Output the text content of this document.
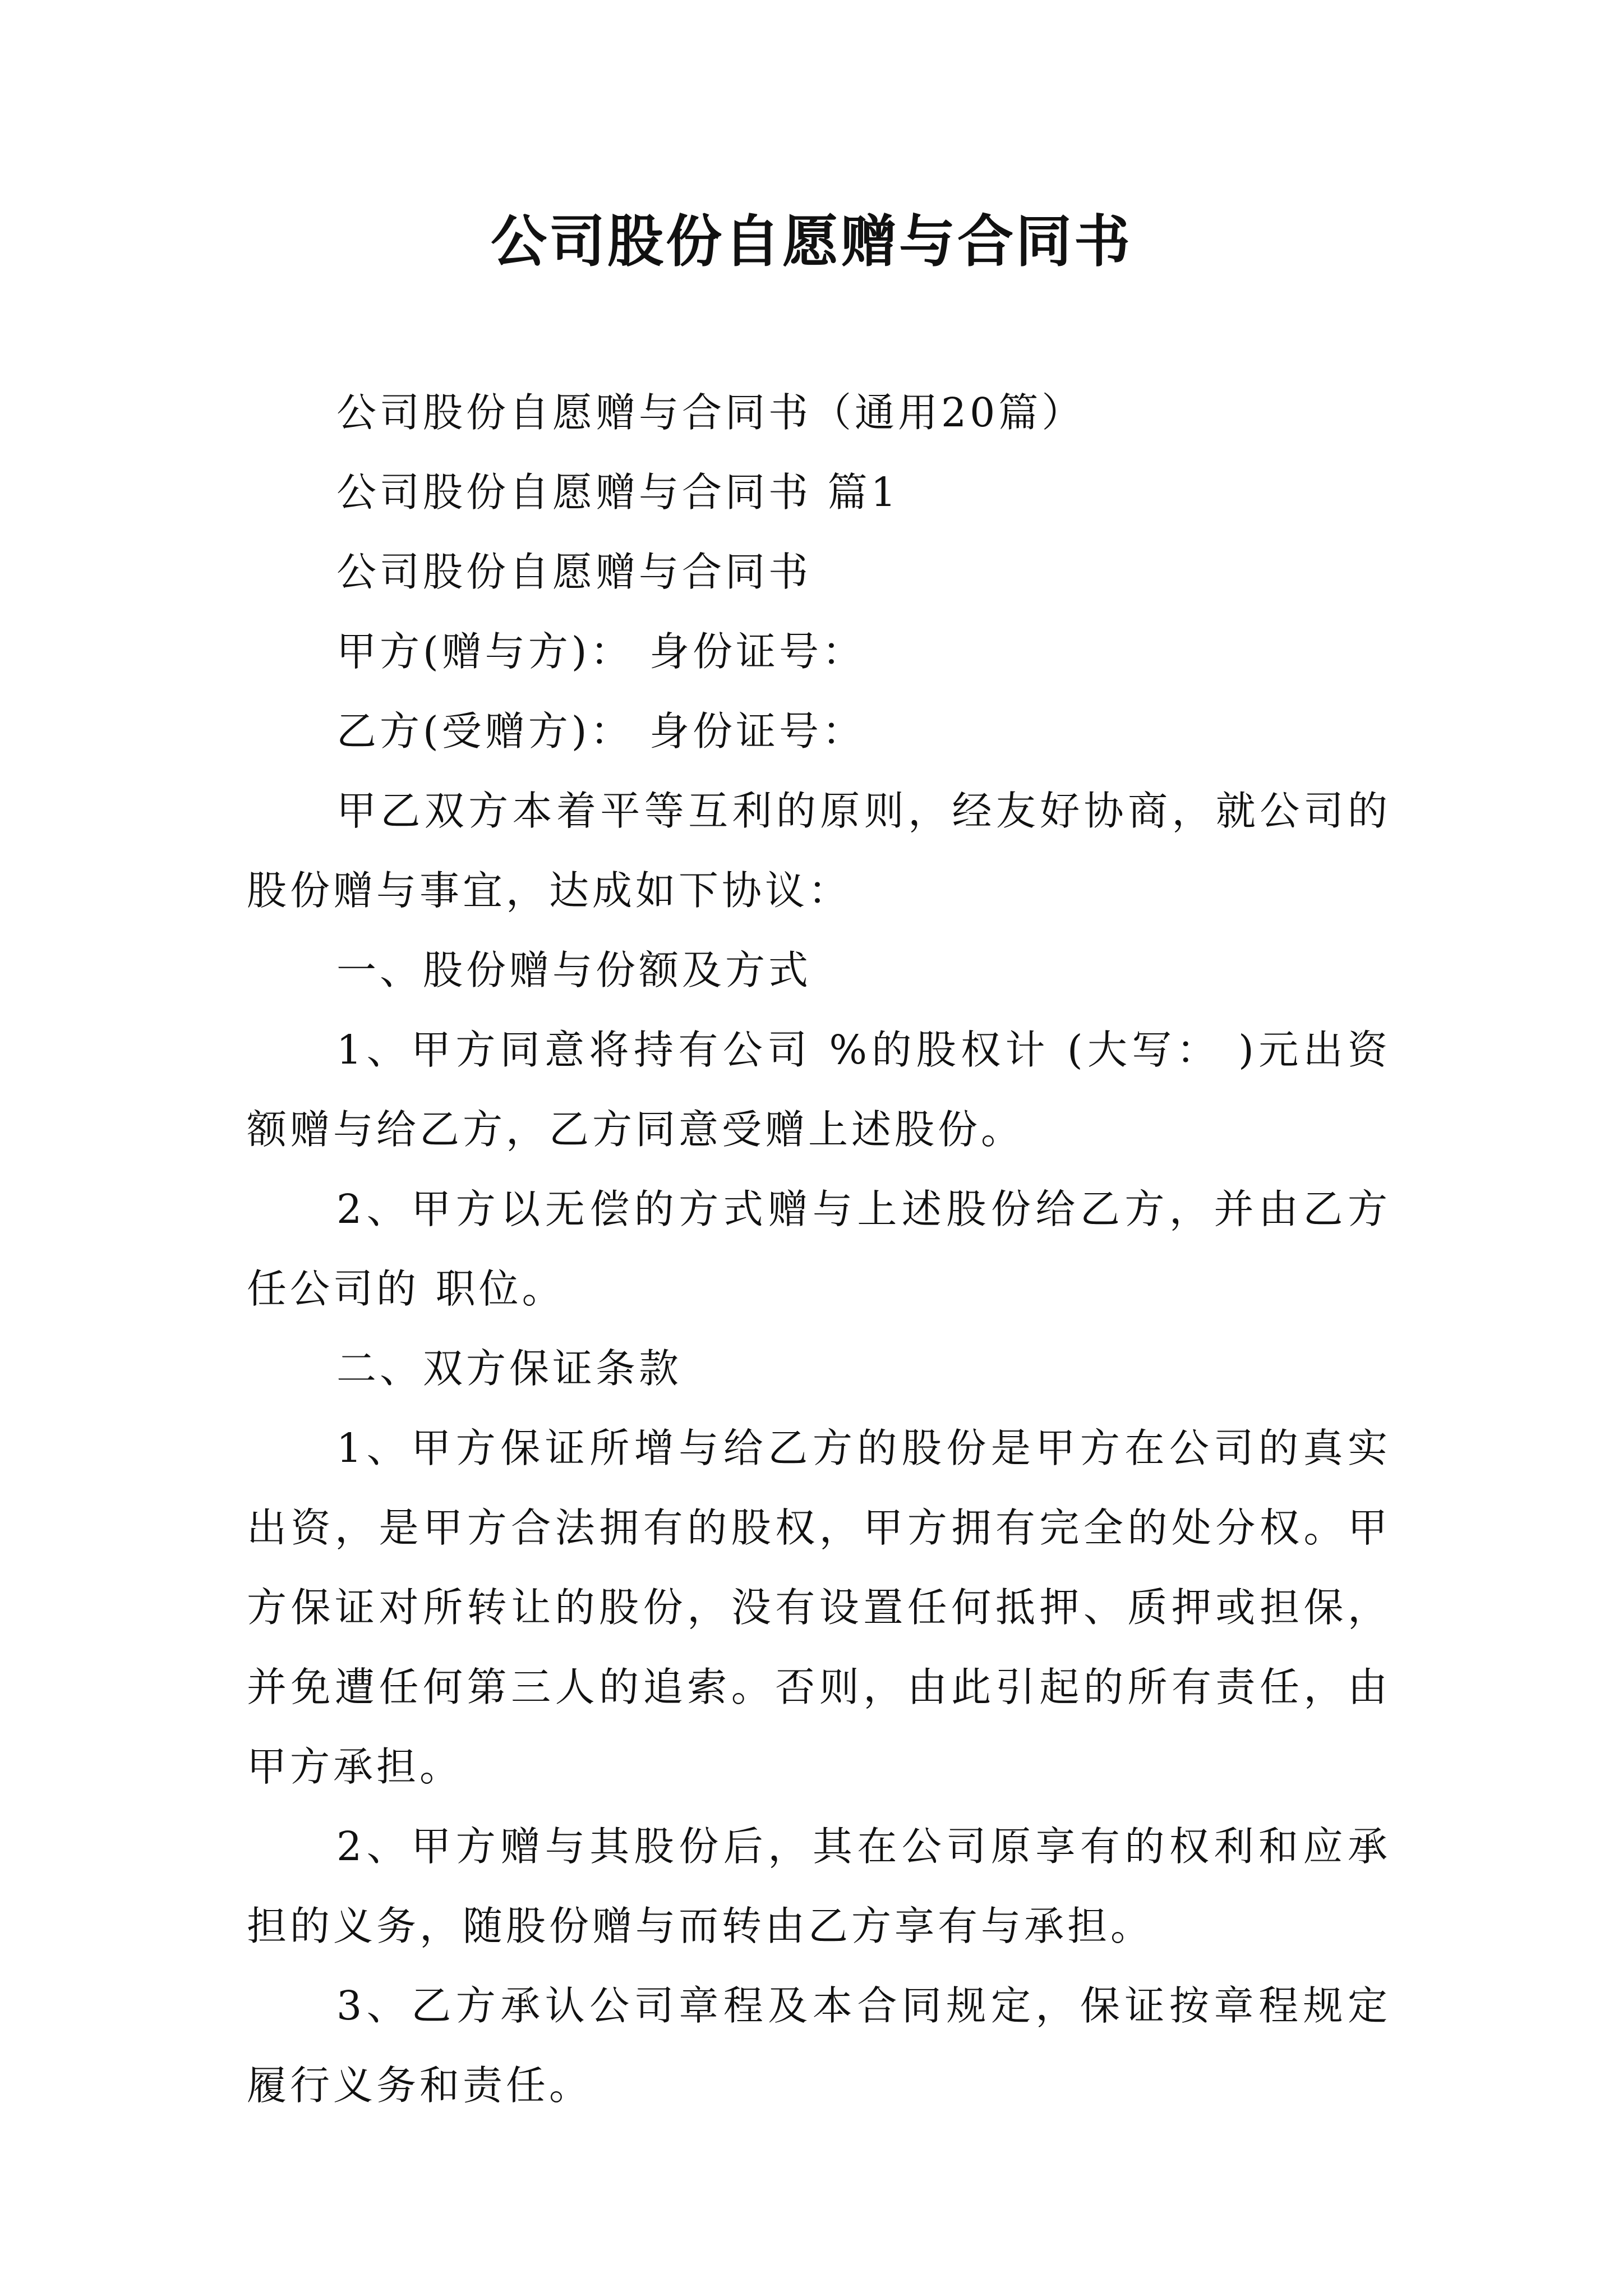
公司股份自愿赠与合同书

公司股份自愿赠与合同书（通用20篇）

公司股份自愿赠与合同书 篇1

公司股份自愿赠与合同书

甲方(赠与方)： 身份证号：

乙方(受赠方)： 身份证号：

甲乙双方本着平等互利的原则，经友好协商，就公司的股份赠与事宜，达成如下协议：

一、股份赠与份额及方式

1、甲方同意将持有公司 %的股权计 (大写： )元出资额赠与给乙方，乙方同意受赠上述股份。

2、甲方以无偿的方式赠与上述股份给乙方，并由乙方任公司的 职位。

二、双方保证条款

1、甲方保证所增与给乙方的股份是甲方在公司的真实出资，是甲方合法拥有的股权，甲方拥有完全的处分权。甲方保证对所转让的股份，没有设置任何抵押、质押或担保，并免遭任何第三人的追索。否则，由此引起的所有责任，由甲方承担。

2、甲方赠与其股份后，其在公司原享有的权利和应承担的义务，随股份赠与而转由乙方享有与承担。

3、乙方承认公司章程及本合同规定，保证按章程规定履行义务和责任。
